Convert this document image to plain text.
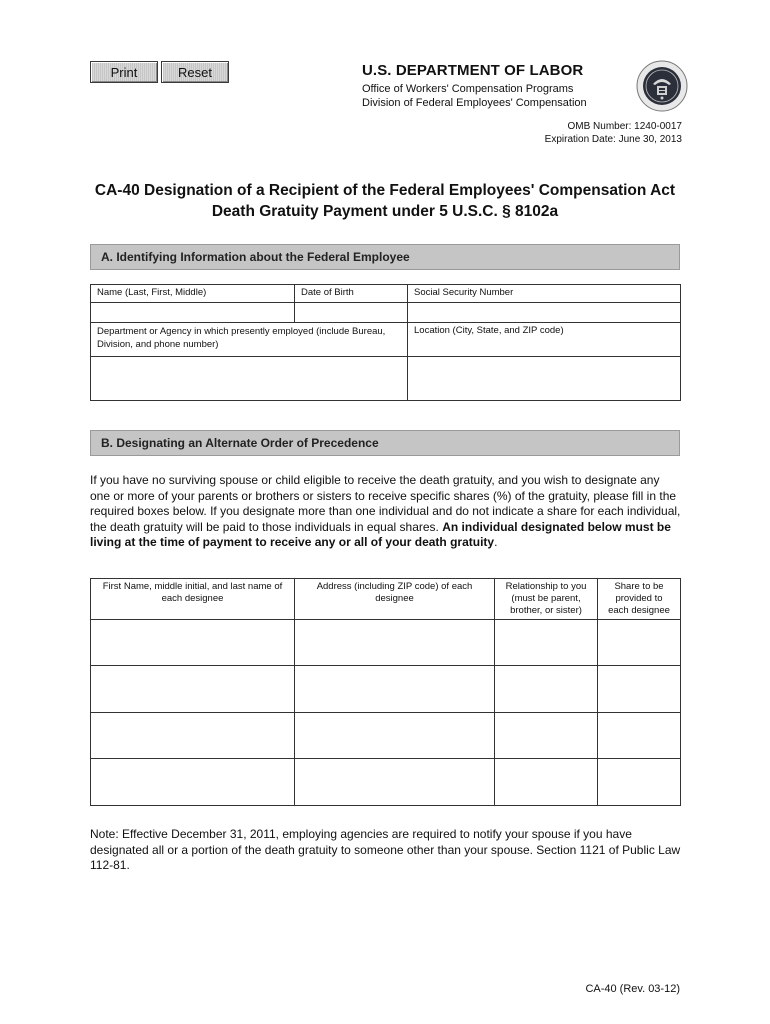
Print	Reset	U.S. DEPARTMENT OF LABOR
Office of Workers' Compensation Programs
Division of Federal Employees' Compensation
OMB Number: 1240-0017
Expiration Date: June 30, 2013
CA-40 Designation of a Recipient of the Federal Employees' Compensation Act
Death Gratuity Payment under 5 U.S.C. § 8102a
A. Identifying Information about the Federal Employee
Name (Last, First, Middle)	Date of Birth	Social Security Number

Department or Agency in which presently employed (include Bureau, Division, and phone number)		Location (City, State, and ZIP code)

B. Designating an Alternate Order of Precedence
If you have no surviving spouse or child eligible to receive the death gratuity, and you wish to designate any one or more of your parents or brothers or sisters to receive specific shares (%) of the gratuity, please fill in the required boxes below. If you designate more than one individual and do not indicate a share for each individual, the death gratuity will be paid to those individuals in equal shares. An individual designated below must be living at the time of payment to receive any or all of your death gratuity.
First Name, middle initial, and last name of each designee	Address (including ZIP code) of each designee	Relationship to you (must be parent, brother, or sister)	Share to be provided to each designee

Note: Effective December 31, 2011, employing agencies are required to notify your spouse if you have designated all or a portion of the death gratuity to someone other than your spouse. Section 1121 of Public Law 112-81.
CA-40 (Rev. 03-12)
